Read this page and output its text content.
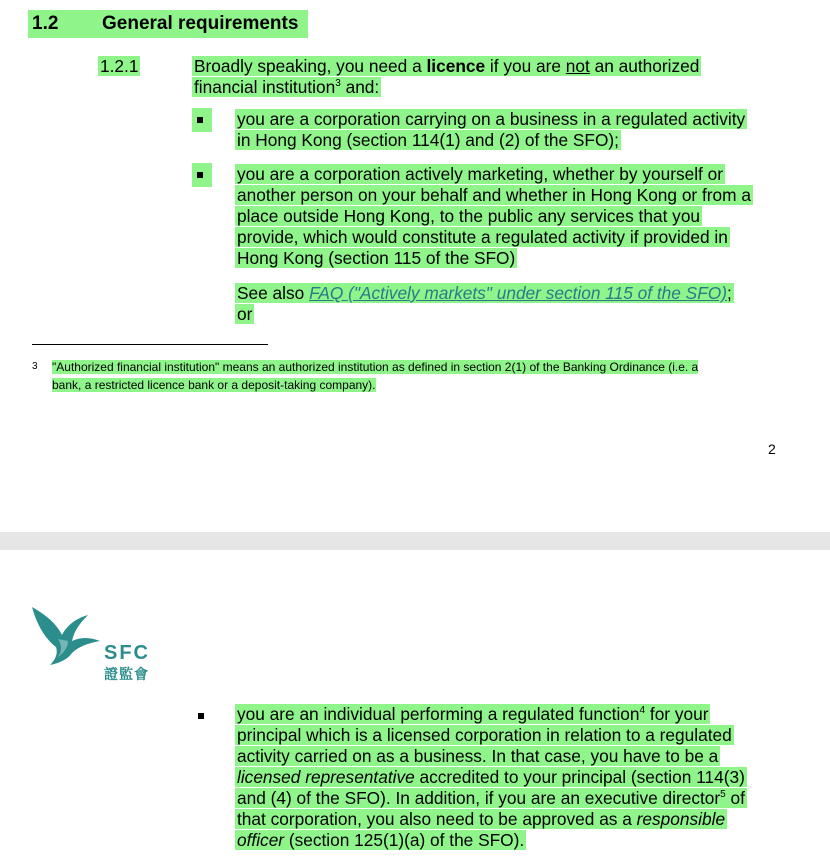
1.2 General requirements
1.2.1	Broadly speaking, you need a licence if you are not an authorized
financial institution$^3$ and:
you are a corporation carrying on a business in a regulated activity
in Hong Kong (section 114(1) and (2) of the SFO);
you are a corporation actively marketing, whether by yourself or
another person on your behalf and whether in Hong Kong or from a
place outside Hong Kong, to the public any services that you
provide, which would constitute a regulated activity if provided in
Hong Kong (section 115 of the SFO)
See also FAQ ("Actively markets" under section 115 of the SFO);
or
3 "Authorized financial institution" means an authorized institution as defined in section 2(1) of the Banking Ordinance (i.e. a
bank, a restricted licence bank or a deposit-taking company).
2
SFC
證監會
you are an individual performing a regulated function$^4$ for your
principal which is a licensed corporation in relation to a regulated
activity carried on as a business. In that case, you have to be a
licensed representative accredited to your principal (section 114(3)
and (4) of the SFO). In addition, if you are an executive director$^5$ of
that corporation, you also need to be approved as a responsible
officer (section 125(1)(a) of the SFO).
